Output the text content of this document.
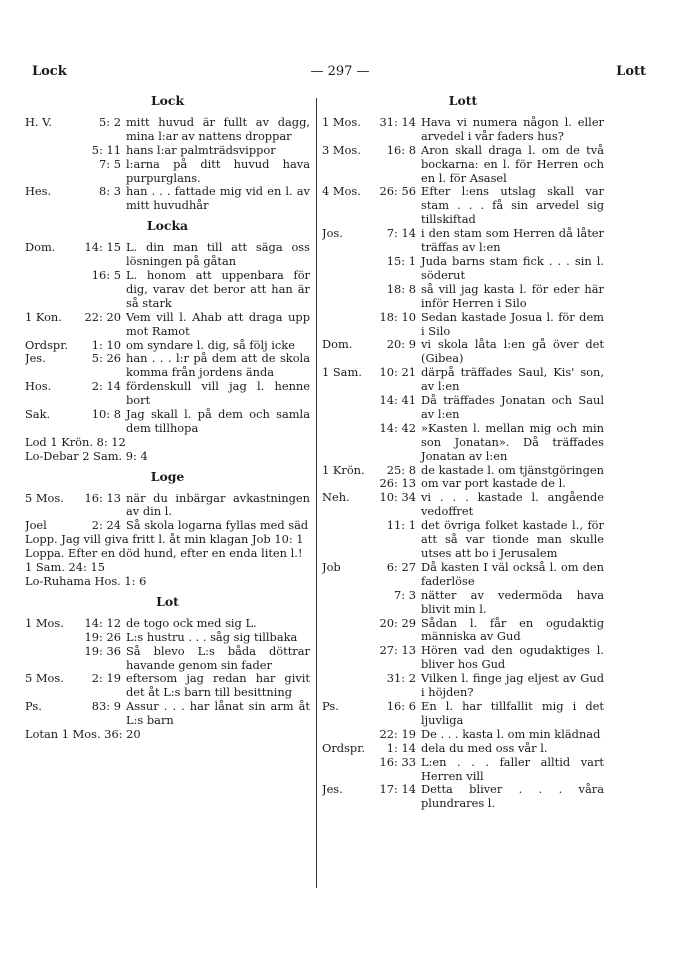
Lock	— 297 —	Lott
Lock
H. V.	5: 2 mitt huvud är fullt av dagg, mina l:ar av nattens droppar
5: 11 hans l:ar palmträdsvippor
7: 5 l:arna på ditt huvud hava purpurglans.
Hes.	8: 3 han . . . fattade mig vid en l. av mitt huvudhår
Locka
Dom.	14: 15 L. din man till att säga oss lösningen på gåtan
16: 5 L. honom att uppenbara för dig, varav det beror att han är så stark
1 Kon.	22: 20 Vem vill l. Ahab att draga upp mot Ramot
Ordspr.	1: 10 om syndare l. dig, så följ icke
Jes.	5: 26 han . . . l:r på dem att de skola komma från jordens ända
Hos.	2: 14 fördenskull vill jag l. henne bort
Sak.	10: 8 Jag skall l. på dem och samla dem tillhopa
Lod 1 Krön. 8: 12
Lo-Debar 2 Sam. 9: 4
Loge
5 Mos.	16: 13 när du inbärgar avkastningen av din l.
Joel	2: 24 Så skola logarna fyllas med säd
Lopp. Jag vill giva fritt l. åt min klagan Job 10: 1
Loppa. Efter en död hund, efter en enda liten l.! 1 Sam. 24: 15
Lo-Ruhama Hos. 1: 6
Lot
1 Mos.	14: 12 de togo ock med sig L.
19: 26 L:s hustru . . . såg sig tillbaka
19: 36 Så blevo L:s båda döttrar havande genom sin fader
5 Mos.	2: 19 eftersom jag redan har givit det åt L:s barn till besittning
Ps.	83: 9 Assur . . . har lånat sin arm åt L:s barn
Lotan 1 Mos. 36: 20
Lott
1 Mos.	31: 14 Hava vi numera någon l. eller arvedel i vår faders hus?
3 Mos.	16: 8 Aron skall draga l. om de två bockarna: en l. för Herren och en l. för Asasel
4 Mos.	26: 56 Efter l:ens utslag skall var stam . . . få sin arvedel sig tillskiftad
Jos.	7: 14 i den stam som Herren då låter träffas av l:en
15: 1 Juda barns stam fick . . . sin l. söderut
18: 8 så vill jag kasta l. för eder här inför Herren i Silo
18: 10 Sedan kastade Josua l. för dem i Silo
Dom.	20: 9 vi skola låta l:en gå över det (Gibea)
1 Sam.	10: 21 därpå träffades Saul, Kis' son, av l:en
14: 41 Då träffades Jonatan och Saul av l:en
14: 42 »Kasten l. mellan mig och min son Jonatan». Då träffades Jonatan av l:en
1 Krön.	25: 8 de kastade l. om tjänstgöringen
26: 13 om var port kastade de l.
Neh.	10: 34 vi . . . kastade l. angående vedoffret
11: 1 det övriga folket kastade l., för att så var tionde man skulle utses att bo i Jerusalem
Job	6: 27 Då kasten I väl också l. om den faderlöse
7: 3 nätter av vedermöda hava blivit min l.
20: 29 Sådan l. får en ogudaktig människa av Gud
27: 13 Hören vad den ogudaktiges l. bliver hos Gud
31: 2 Vilken l. finge jag eljest av Gud i höjden?
Ps.	16: 6 En l. har tillfallit mig i det ljuvliga
22: 19 De . . . kasta l. om min klädnad
Ordspr.	1: 14 dela du med oss vår l.
16: 33 L:en . . . faller alltid vart Herren vill
Jes.	17: 14 Detta bliver . . . våra plundrares l.
